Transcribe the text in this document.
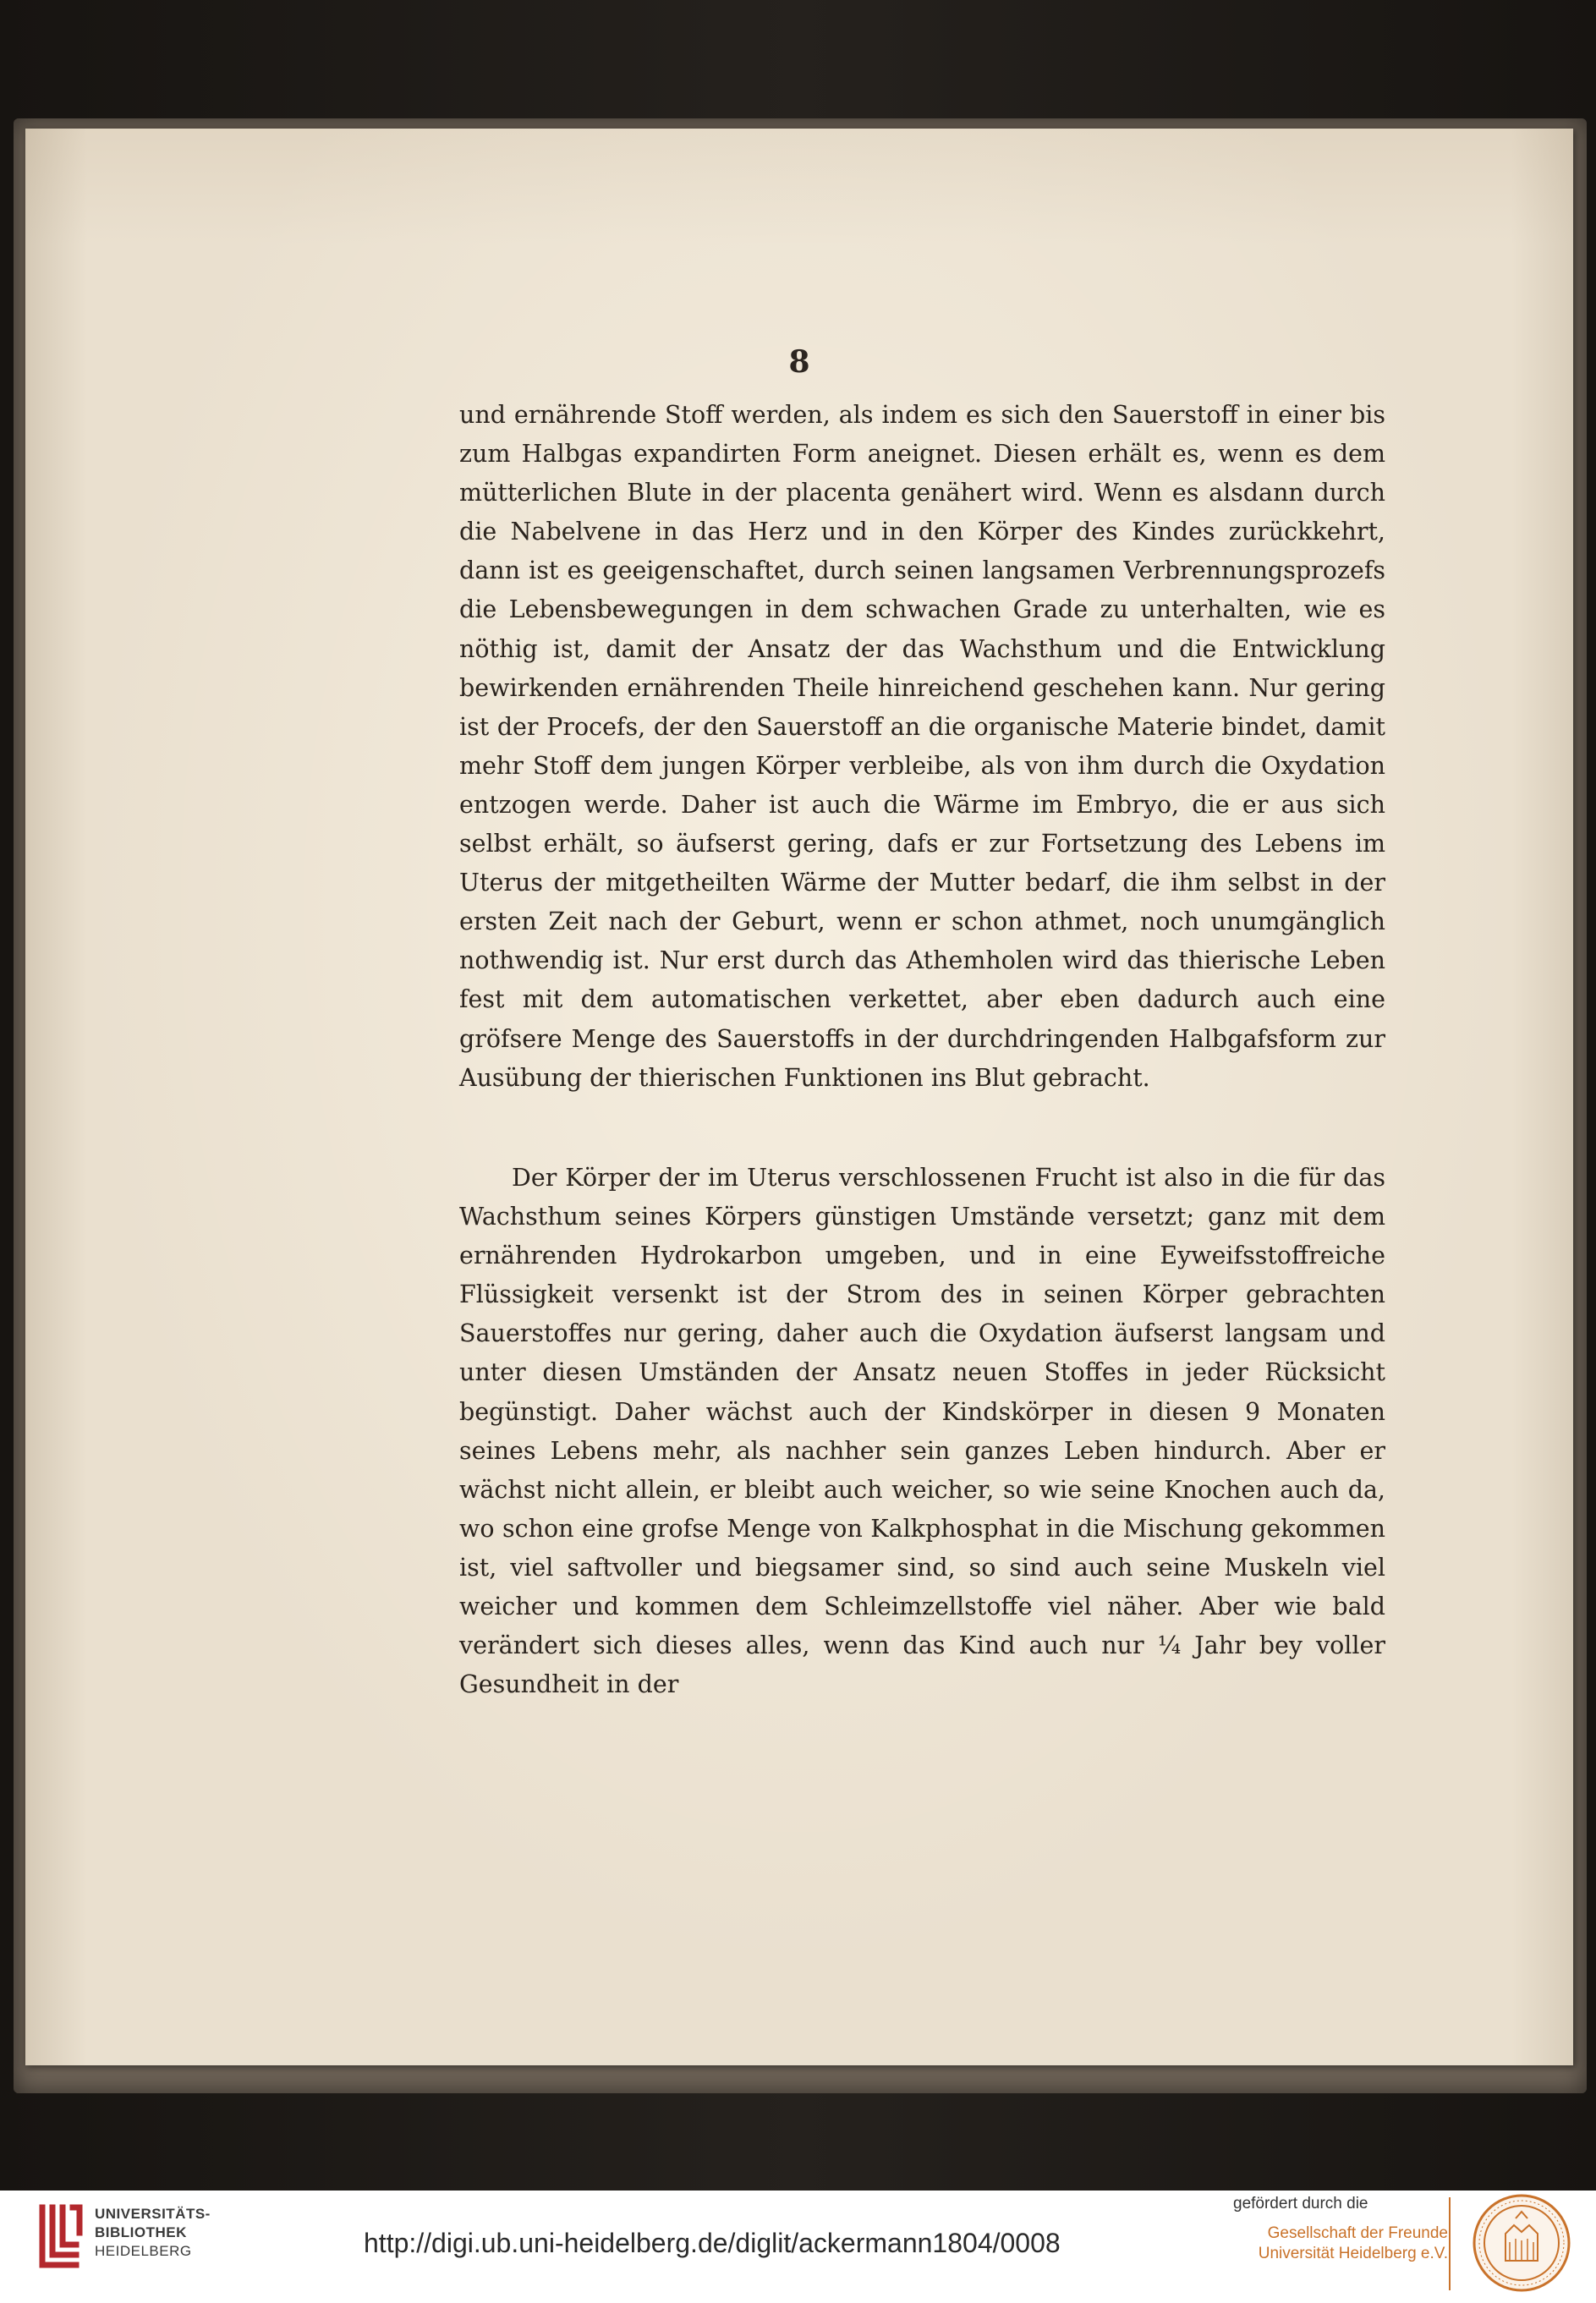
8

und ernährende Stoff werden, als indem es sich den Sauerstoff in einer bis zum Halbgas expandirten Form aneignet. Diesen erhält es, wenn es dem mütterlichen Blute in der placenta genähert wird. Wenn es alsdann durch die Nabelvene in das Herz und in den Körper des Kindes zurückkehrt, dann ist es geeigenschaftet, durch seinen langsamen Verbrennungsprozefs die Lebensbewegungen in dem schwachen Grade zu unterhalten, wie es nöthig ist, damit der Ansatz der das Wachsthum und die Entwicklung bewirkenden ernährenden Theile hinreichend geschehen kann. Nur gering ist der Procefs, der den Sauerstoff an die organische Materie bindet, damit mehr Stoff dem jungen Körper verbleibe, als von ihm durch die Oxydation entzogen werde. Daher ist auch die Wärme im Embryo, die er aus sich selbst erhält, so äufserst gering, dafs er zur Fortsetzung des Lebens im Uterus der mitgetheilten Wärme der Mutter bedarf, die ihm selbst in der ersten Zeit nach der Geburt, wenn er schon athmet, noch unumgänglich nothwendig ist. Nur erst durch das Athemholen wird das thierische Leben fest mit dem automatischen verkettet, aber eben dadurch auch eine gröfsere Menge des Sauerstoffs in der durchdringenden Halbgafsform zur Ausübung der thierischen Funktionen ins Blut gebracht.

Der Körper der im Uterus verschlossenen Frucht ist also in die für das Wachsthum seines Körpers günstigen Umstände versetzt; ganz mit dem ernährenden Hydrokarbon umgeben, und in eine Eyweifsstoffreiche Flüssigkeit versenkt ist der Strom des in seinen Körper gebrachten Sauerstoffes nur gering, daher auch die Oxydation äufserst langsam und unter diesen Umständen der Ansatz neuen Stoffes in jeder Rücksicht begünstigt. Daher wächst auch der Kindskörper in diesen 9 Monaten seines Lebens mehr, als nachher sein ganzes Leben hindurch. Aber er wächst nicht allein, er bleibt auch weicher, so wie seine Knochen auch da, wo schon eine grofse Menge von Kalkphosphat in die Mischung gekommen ist, viel saftvoller und biegsamer sind, so sind auch seine Muskeln viel weicher und kommen dem Schleimzellstoffe viel näher. Aber wie bald verändert sich dieses alles, wenn das Kind auch nur ¼ Jahr bey voller Gesundheit in der

UNIVERSITÄTS-
BIBLIOTHEK
HEIDELBERG	http://digi.ub.uni-heidelberg.de/diglit/ackermann1804/0008
gefördert durch die
Gesellschaft der Freunde
Universität Heidelberg e.V.
